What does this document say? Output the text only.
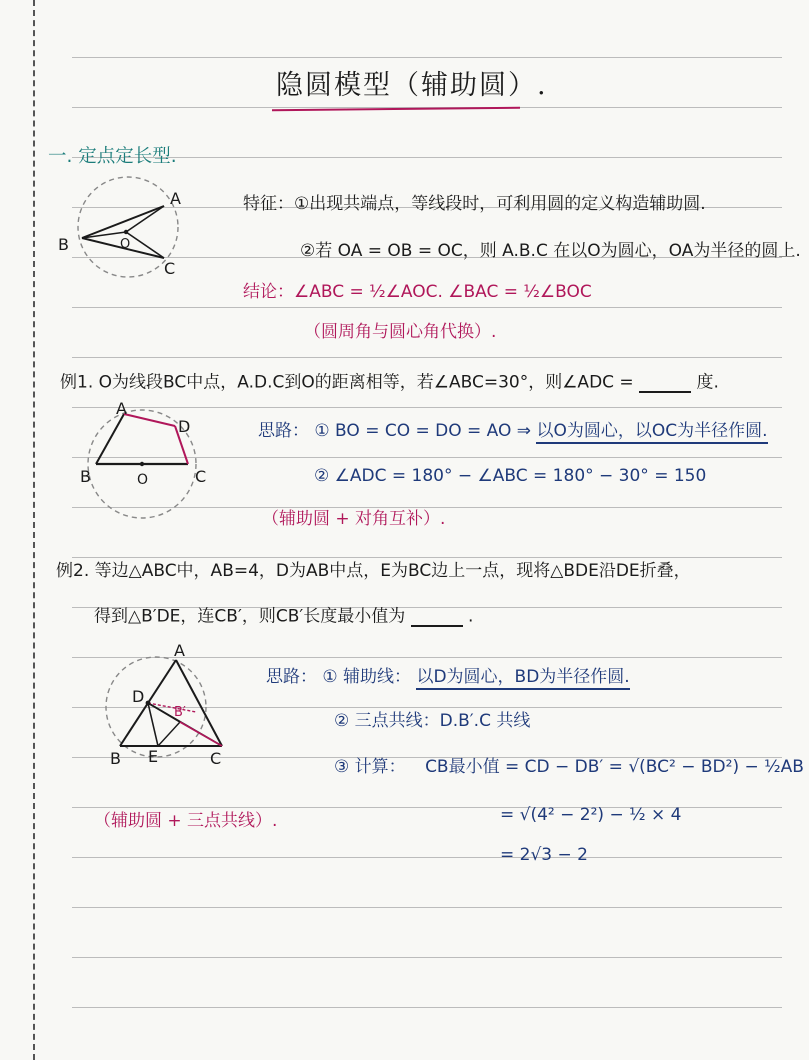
隐圆模型（辅助圆）.
一. 定点定长型.
A
B
C
O
特征：①出现共端点，等线段时，可利用圆的定义构造辅助圆.
②若 OA = OB = OC，则 A.B.C 在以O为圆心，OA为半径的圆上.
结论：∠ABC = ½∠AOC. ∠BAC = ½∠BOC
（圆周角与圆心角代换）.
例1. O为线段BC中点，A.D.C到O的距离相等，若∠ABC=30°，则∠ADC =	度.
A
D
B	C
O
思路： ① BO = CO = DO = AO ⇒ 以O为圆心，以OC为半径作圆.
② ∠ADC = 180° − ∠ABC = 180° − 30° = 150
（辅助圆 + 对角互补）.
例2. 等边△ABC中，AB=4，D为AB中点，E为BC边上一点，现将△BDE沿DE折叠，
得到△B′DE，连CB′，则CB′长度最小值为	.
A
D
B E	C
B′
思路： ① 辅助线： 以D为圆心，BD为半径作圆.
② 三点共线：D.B′.C 共线
③ 计算： CB最小值 = CD − DB′ = √(BC² − BD²) − ½AB
= √(4² − 2²) − ½ × 4
= 2√3 − 2
（辅助圆 + 三点共线）.
